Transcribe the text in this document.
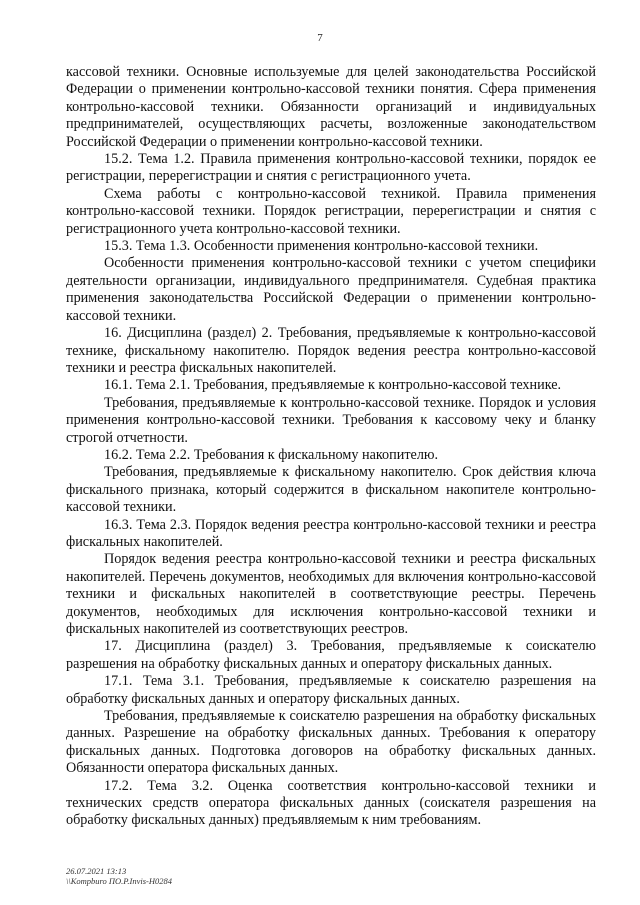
7

кассовой техники. Основные используемые для целей законодательства Российской Федерации о применении контрольно-кассовой техники понятия. Сфера применения контрольно-кассовой техники. Обязанности организаций и индивидуальных предпринимателей, осуществляющих расчеты, возложенные законодательством Российской Федерации о применении контрольно-кассовой техники.

15.2. Тема 1.2. Правила применения контрольно-кассовой техники, порядок ее регистрации, перерегистрации и снятия с регистрационного учета.

Схема работы с контрольно-кассовой техникой. Правила применения контрольно-кассовой техники. Порядок регистрации, перерегистрации и снятия с регистрационного учета контрольно-кассовой техники.

15.3. Тема 1.3. Особенности применения контрольно-кассовой техники.

Особенности применения контрольно-кассовой техники с учетом специфики деятельности организации, индивидуального предпринимателя. Судебная практика применения законодательства Российской Федерации о применении контрольно-кассовой техники.

16. Дисциплина (раздел) 2. Требования, предъявляемые к контрольно-кассовой технике, фискальному накопителю. Порядок ведения реестра контрольно-кассовой техники и реестра фискальных накопителей.

16.1. Тема 2.1. Требования, предъявляемые к контрольно-кассовой технике.

Требования, предъявляемые к контрольно-кассовой технике. Порядок и условия применения контрольно-кассовой техники. Требования к кассовому чеку и бланку строгой отчетности.

16.2. Тема 2.2. Требования к фискальному накопителю.

Требования, предъявляемые к фискальному накопителю. Срок действия ключа фискального признака, который содержится в фискальном накопителе контрольно-кассовой техники.

16.3. Тема 2.3. Порядок ведения реестра контрольно-кассовой техники и реестра фискальных накопителей.

Порядок ведения реестра контрольно-кассовой техники и реестра фискальных накопителей. Перечень документов, необходимых для включения контрольно-кассовой техники и фискальных накопителей в соответствующие реестры. Перечень документов, необходимых для исключения контрольно-кассовой техники и фискальных накопителей из соответствующих реестров.

17. Дисциплина (раздел) 3. Требования, предъявляемые к соискателю разрешения на обработку фискальных данных и оператору фискальных данных.

17.1. Тема 3.1. Требования, предъявляемые к соискателю разрешения на обработку фискальных данных и оператору фискальных данных.

Требования, предъявляемые к соискателю разрешения на обработку фискальных данных. Разрешение на обработку фискальных данных. Требования к оператору фискальных данных. Подготовка договоров на обработку фискальных данных. Обязанности оператора фискальных данных.

17.2. Тема 3.2. Оценка соответствия контрольно-кассовой техники и технических средств оператора фискальных данных (соискателя разрешения на обработку фискальных данных) предъявляемым к ним требованиям.

26.07.2021 13:13
\\Kompburo ПО.P.Invis-Н0284
